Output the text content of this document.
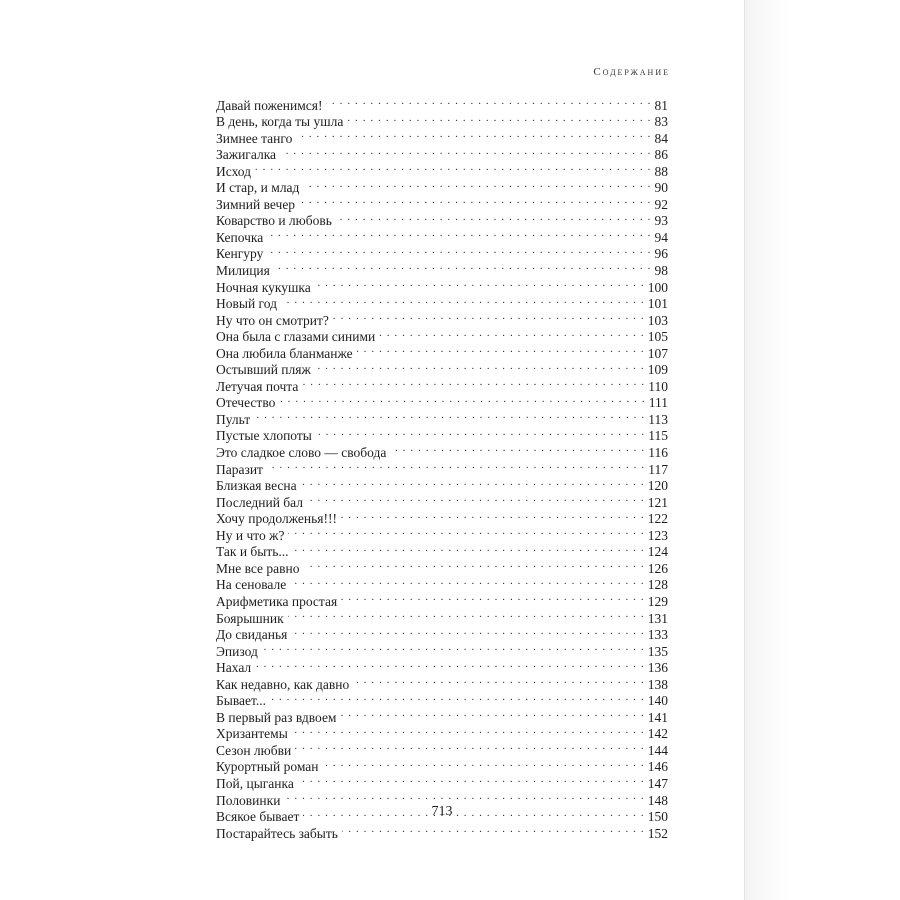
Содержание
Давай поженимся! . . .	81
В день, когда ты ушла . . .	83
Зимнее танго . . .	84
Зажигалка . . .	86
Исход . . .	88
И стар, и млад . . .	90
Зимний вечер . . .	92
Коварство и любовь . . .	93
Кепочка . . .	94
Кенгуру . . .	96
Милиция . . .	98
Ночная кукушка . . .	100
Новый год . . .	101
Ну что он смотрит? . . .	103
Она была с глазами синими . . .	105
Она любила бланманже . . .	107
Остывший пляж . . .	109
Летучая почта . . .	110
Отечество . . .	111
Пульт . . .	113
Пустые хлопоты . . .	115
Это сладкое слово — свобода . . .	116
Паразит . . .	117
Близкая весна . . .	120
Последний бал . . .	121
Хочу продолженья!!! . . .	122
Ну и что ж? . . .	123
Так и быть... . . .	124
Мне все равно . . .	126
На сеновале . . .	128
Арифметика простая . . .	129
Боярышник . . .	131
До свиданья . . .	133
Эпизод . . .	135
Нахал . . .	136
Как недавно, как давно . . .	138
Бывает... . . .	140
В первый раз вдвоем . . .	141
Хризантемы . . .	142
Сезон любви . . .	144
Курортный роман . . .	146
Пой, цыганка . . .	147
Половинки . . .	148
Всякое бывает . . .	150
Постарайтесь забыть . . .	152
713
